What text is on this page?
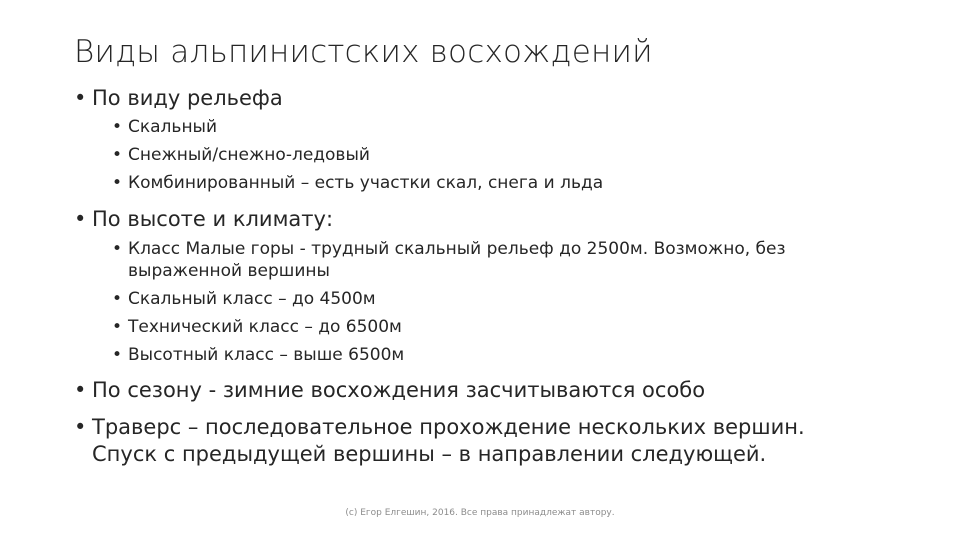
Виды альпинистских восхождений
• По виду рельефа
• Скальный
• Снежный/снежно-ледовый
• Комбинированный – есть участки скал, снега и льда
• По высоте и климату:
• Класс Малые горы - трудный скальный рельеф до 2500м. Возможно, без
выраженной вершины
• Скальный класс – до 4500м
• Технический класс – до 6500м
• Высотный класс – выше 6500м
• По сезону - зимние восхождения засчитываются особо
• Траверс – последовательное прохождение нескольких вершин.
Спуск с предыдущей вершины – в направлении следующей.
(с) Егор Елгешин, 2016. Все права принадлежат автору.
